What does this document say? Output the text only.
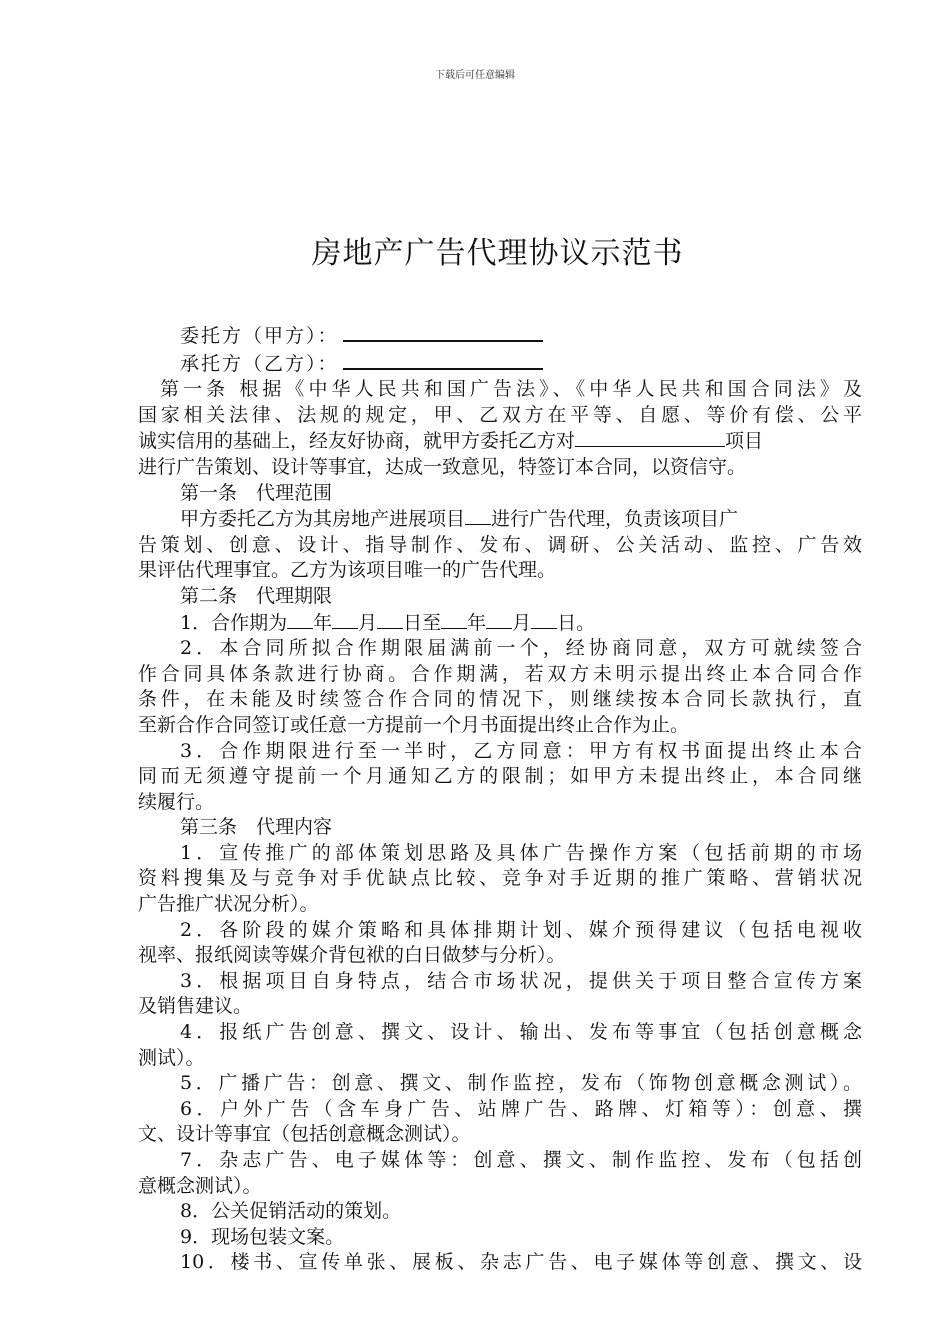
下载后可任意编辑
房地产广告代理协议示范书
委托方（甲方）：
承托方（乙方）：
第一条 根据《中华人民共和国广告法》、《中华人民共和国合同法》及
国家相关法律、法规的规定，甲、乙双方在平等、自愿、等价有偿、公平
诚实信用的基础上，经友好协商，就甲方委托乙方对	项目
进行广告策划、设计等事宜，达成一致意见，特签订本合同，以资信守。
第一条　代理范围
甲方委托乙方为其房地产进展项目 进行广告代理，负责该项目广
告策划、创意、设计、指导制作、发布、调研、公关活动、监控、广告效
果评估代理事宜。乙方为该项目唯一的广告代理。
第二条　代理期限
1．合作期为 年 月 日至 年 月 日。
2．本合同所拟合作期限届满前一个，经协商同意，双方可就续签合
作合同具体条款进行协商。合作期满，若双方未明示提出终止本合同合作
条件，在未能及时续签合作合同的情况下，则继续按本合同长款执行，直
至新合作合同签订或任意一方提前一个月书面提出终止合作为止。
3．合作期限进行至一半时，乙方同意：甲方有权书面提出终止本合
同而无须遵守提前一个月通知乙方的限制；如甲方未提出终止，本合同继
续履行。
第三条　代理内容
1．宣传推广的部体策划思路及具体广告操作方案（包括前期的市场
资料搜集及与竞争对手优缺点比较、竞争对手近期的推广策略、营销状况
广告推广状况分析）。
2．各阶段的媒介策略和具体排期计划、媒介预得建议（包括电视收
视率、报纸阅读等媒介背包袱的白日做梦与分析）。
3．根据项目自身特点，结合市场状况，提供关于项目整合宣传方案
及销售建议。
4．报纸广告创意、撰文、设计、输出、发布等事宜（包括创意概念
测试）。
5．广播广告：创意、撰文、制作监控，发布（饰物创意概念测试）。
6．户外广告（含车身广告、站牌广告、路牌、灯箱等）：创意、撰
文、设计等事宜（包括创意概念测试）。
7．杂志广告、电子媒体等：创意、撰文、制作监控、发布（包括创
意概念测试）。
8．公关促销活动的策划。
9．现场包装文案。
10．楼书、宣传单张、展板、杂志广告、电子媒体等创意、撰文、设
